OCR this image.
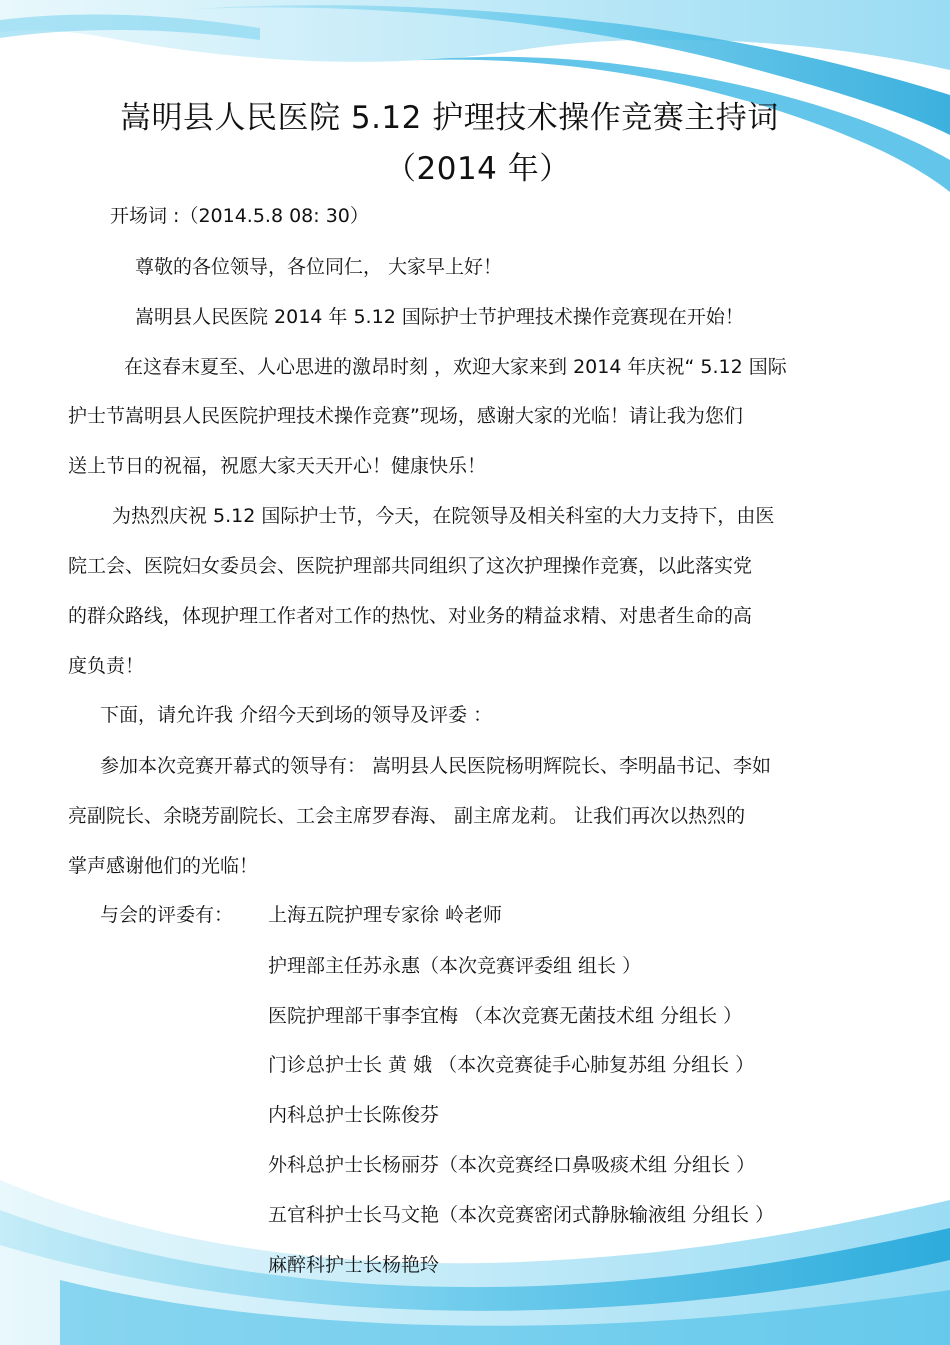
嵩明县人民医院 5.12 护理技术操作竞赛主持词
（2014 年）
开场词 :（2014.5.8 08: 30）
尊敬的各位领导，各位同仁， 大家早上好！
嵩明县人民医院 2014 年 5.12 国际护士节护理技术操作竞赛现在开始！
在这春末夏至、人心思进的激昂时刻 ，欢迎大家来到 2014 年庆祝“ 5.12 国际
护士节嵩明县人民医院护理技术操作竞赛”现场，感谢大家的光临！请让我为您们
送上节日的祝福，祝愿大家天天开心！健康快乐！
为热烈庆祝 5.12 国际护士节，今天，在院领导及相关科室的大力支持下，由医
院工会、医院妇女委员会、医院护理部共同组织了这次护理操作竞赛，以此落实党
的群众路线，体现护理工作者对工作的热忱、对业务的精益求精、对患者生命的高
度负责！
下面，请允许我 介绍今天到场的领导及评委 ：
参加本次竞赛开幕式的领导有： 嵩明县人民医院杨明辉院长、李明晶书记、李如
亮副院长、余晓芳副院长、工会主席罗春海、 副主席龙莉。 让我们再次以热烈的
掌声感谢他们的光临！
与会的评委有： 上海五院护理专家徐 岭老师
护理部主任苏永惠（本次竞赛评委组 组长 ）
医院护理部干事李宜梅 （本次竞赛无菌技术组 分组长 ）
门诊总护士长 黄 娥 （本次竞赛徒手心肺复苏组 分组长 ）
内科总护士长陈俊芬
外科总护士长杨丽芬（本次竞赛经口鼻吸痰术组 分组长 ）
五官科护士长马文艳（本次竞赛密闭式静脉输液组 分组长 ）
麻醉科护士长杨艳玲
